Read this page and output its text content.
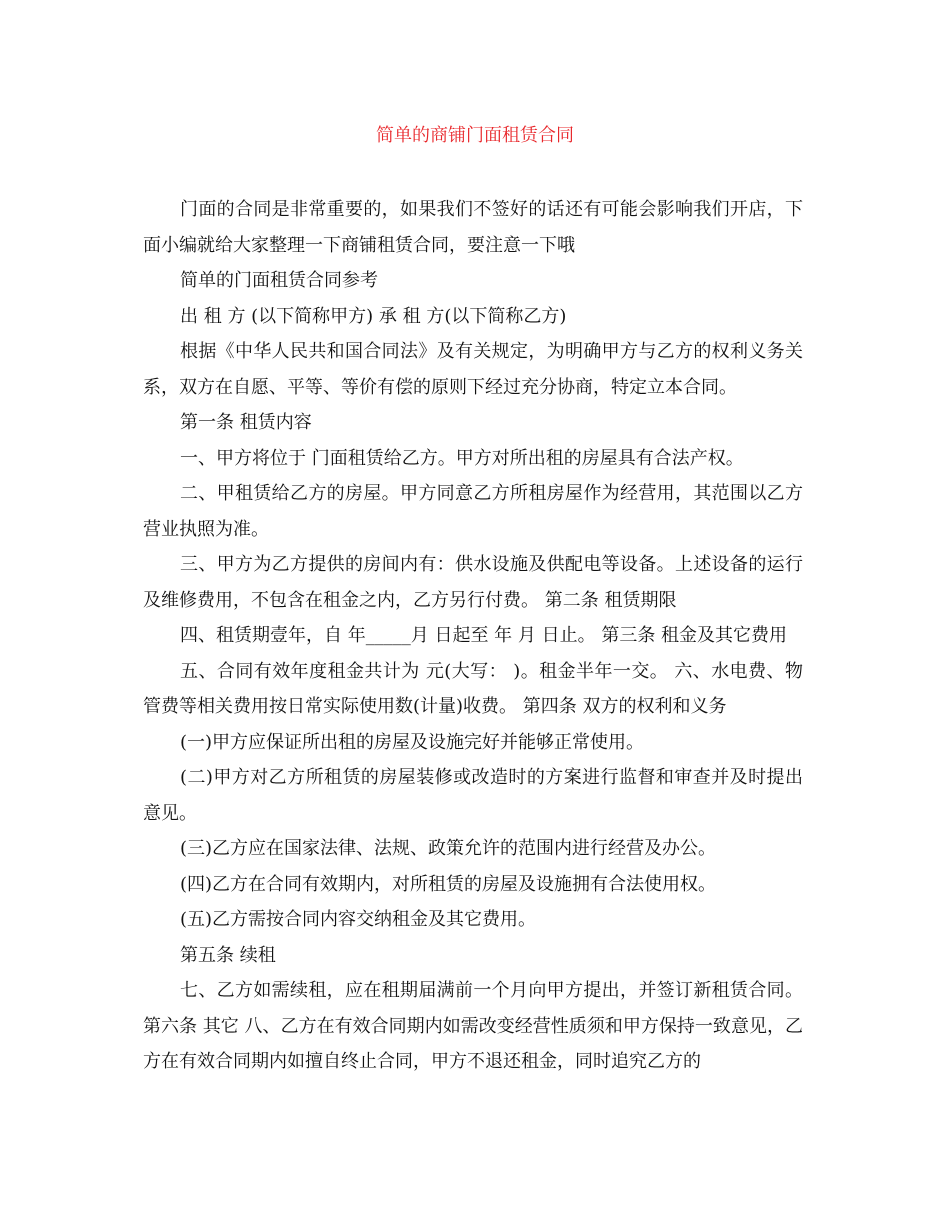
简单的商铺门面租赁合同

门面的合同是非常重要的，如果我们不签好的话还有可能会影响我们开店，下面小编就给大家整理一下商铺租赁合同，要注意一下哦

简单的门面租赁合同参考

出 租 方 (以下简称甲方) 承 租 方(以下简称乙方)

根据《中华人民共和国合同法》及有关规定，为明确甲方与乙方的权利义务关系，双方在自愿、平等、等价有偿的原则下经过充分协商，特定立本合同。

第一条 租赁内容

一、甲方将位于 门面租赁给乙方。甲方对所出租的房屋具有合法产权。

二、甲租赁给乙方的房屋。甲方同意乙方所租房屋作为经营用，其范围以乙方营业执照为准。

三、甲方为乙方提供的房间内有：供水设施及供配电等设备。上述设备的运行及维修费用，不包含在租金之内，乙方另行付费。 第二条 租赁期限

四、租赁期壹年，自 年_____月 日起至 年 月 日止。 第三条 租金及其它费用

五、合同有效年度租金共计为 元(大写： )。租金半年一交。 六、水电费、物管费等相关费用按日常实际使用数(计量)收费。 第四条 双方的权利和义务

(一)甲方应保证所出租的房屋及设施完好并能够正常使用。

(二)甲方对乙方所租赁的房屋装修或改造时的方案进行监督和审查并及时提出意见。

(三)乙方应在国家法律、法规、政策允许的范围内进行经营及办公。

(四)乙方在合同有效期内，对所租赁的房屋及设施拥有合法使用权。

(五)乙方需按合同内容交纳租金及其它费用。

第五条 续租

七、乙方如需续租，应在租期届满前一个月向甲方提出，并签订新租赁合同。 第六条 其它 八、乙方在有效合同期内如需改变经营性质须和甲方保持一致意见，乙方在有效合同期内如擅自终止合同，甲方不退还租金，同时追究乙方的
